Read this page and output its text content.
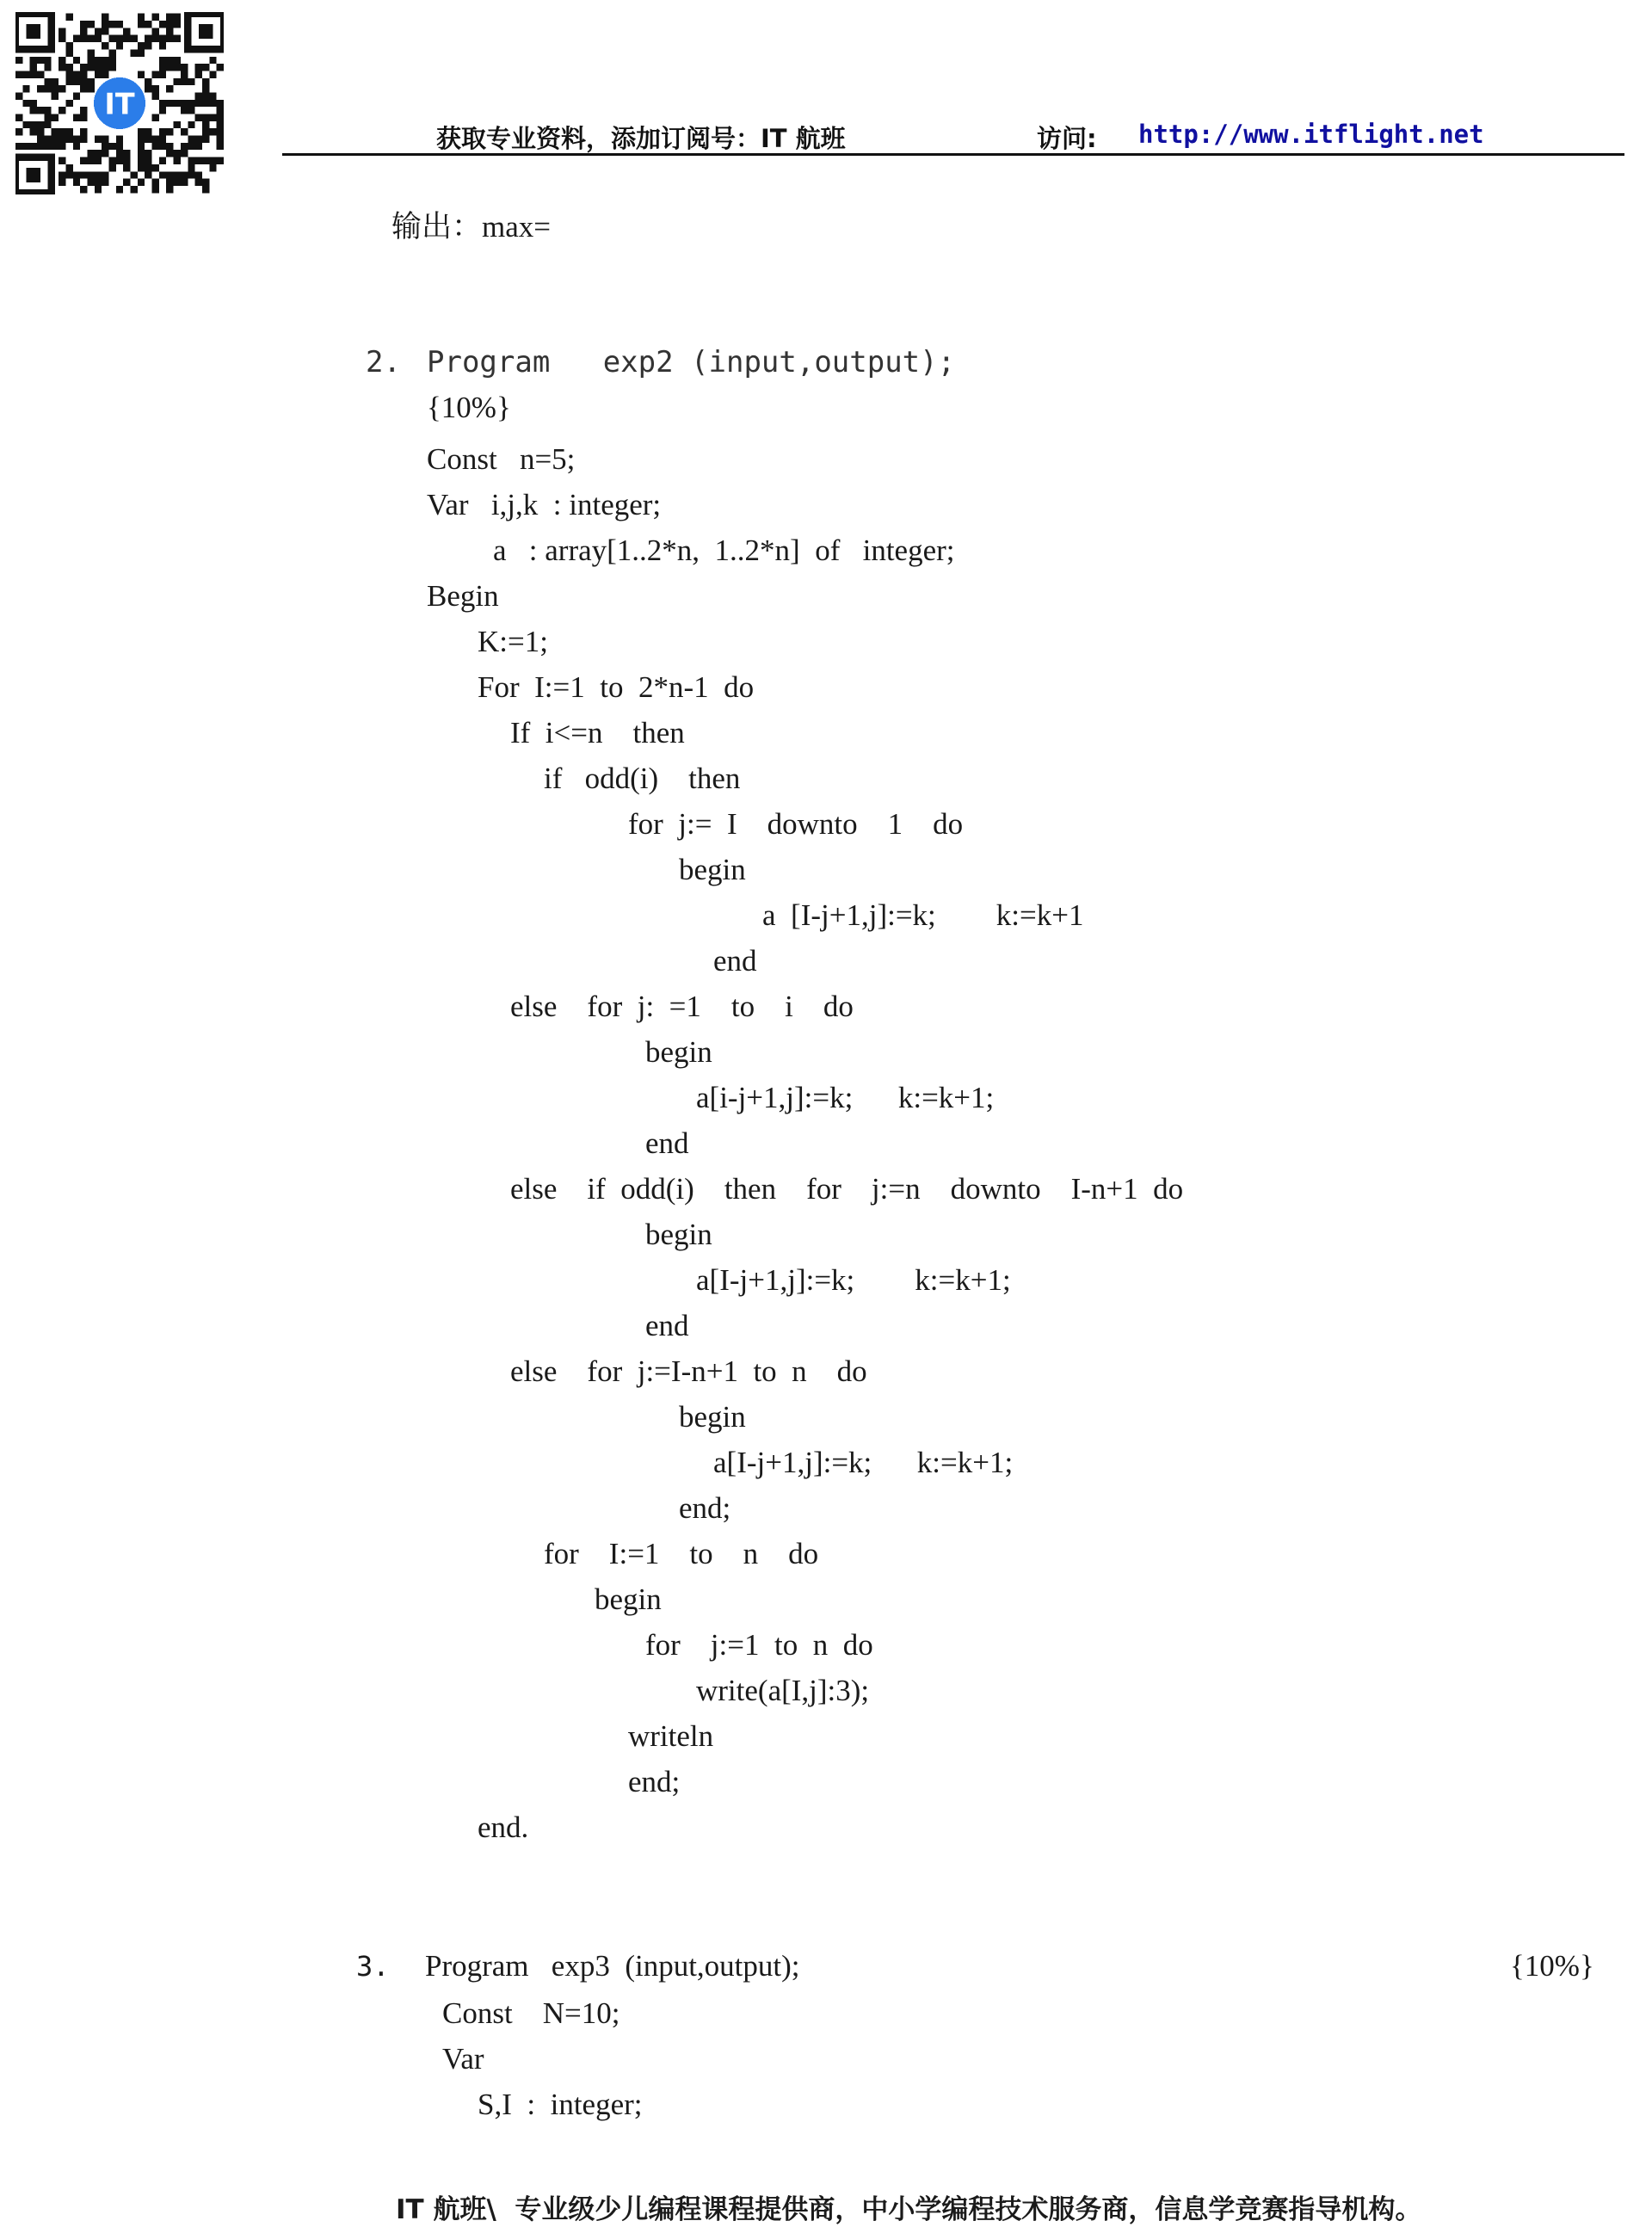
IT
获取专业资料，添加订阅号：IT 航班	访问: http://www.itflight.net
输出：max=
2. Program   exp2 (input,output);
{10%}
Const   n=5;
Var   i,j,k  : integer;
a   : array[1..2*n,  1..2*n]  of   integer;
Begin
K:=1;
For  I:=1  to  2*n-1  do
If  i<=n    then
if   odd(i)    then
for  j:=  I    downto    1    do
begin
a  [I-j+1,j]:=k;        k:=k+1
end
else    for  j:  =1    to    i    do
begin
a[i-j+1,j]:=k;      k:=k+1;
end
else    if  odd(i)    then    for    j:=n    downto    I-n+1  do
begin
a[I-j+1,j]:=k;        k:=k+1;
end
else    for  j:=I-n+1  to  n    do
begin
a[I-j+1,j]:=k;      k:=k+1;
end;
for    I:=1    to    n    do
begin
for    j:=1  to  n  do
write(a[I,j]:3);
writeln
end;
end.
3. Program   exp3  (input,output);	{10%}
Const    N=10;
Var
S,I  :  integer;
IT 航班\  专业级少儿编程课程提供商，中小学编程技术服务商，信息学竞赛指导机构。
